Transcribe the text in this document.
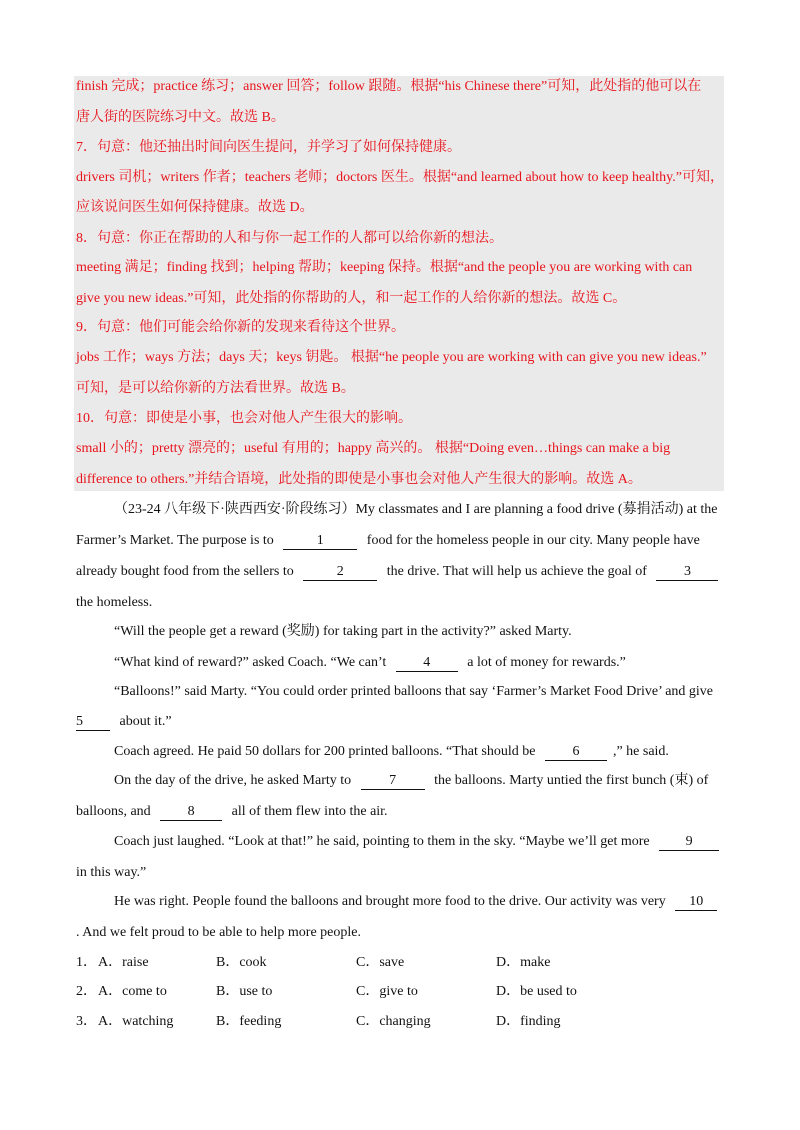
finish 完成；practice 练习；answer 回答；follow 跟随。根据“his Chinese there”可知，此处指的他可以在
唐人街的医院练习中文。故选 B。
7．句意：他还抽出时间向医生提问，并学习了如何保持健康。
drivers 司机；writers 作者；teachers 老师；doctors 医生。根据“and learned about how to keep healthy.”可知，
应该说问医生如何保持健康。故选 D。
8．句意：你正在帮助的人和与你一起工作的人都可以给你新的想法。
meeting 满足；finding 找到；helping 帮助；keeping 保持。根据“and the people you are working with can
give you new ideas.”可知，此处指的你帮助的人，和一起工作的人给你新的想法。故选 C。
9．句意：他们可能会给你新的发现来看待这个世界。
jobs 工作；ways 方法；days 天；keys 钥匙。 根据“he people you are working with can give you new ideas.”
可知，是可以给你新的方法看世界。故选 B。
10．句意：即使是小事，也会对他人产生很大的影响。
small 小的；pretty 漂亮的；useful 有用的；happy 高兴的。 根据“Doing even…things can make a big
difference to others.”并结合语境，此处指的即使是小事也会对他人产生很大的影响。故选 A。
（23-24 八年级下·陕西西安·阶段练习）My classmates and I are planning a food drive (募捐活动) at the
Farmer’s Market. The purpose is to	1	food for the homeless people in our city. Many people have
already bought food from the sellers to	2	the drive. That will help us achieve the goal of	3
the homeless.
“Will the people get a reward (奖励) for taking part in the activity?” asked Marty.
“What kind of reward?” asked Coach. “We can’t	4	a lot of money for rewards.”
“Balloons!” said Marty. “You could order printed balloons that say ‘Farmer’s Market Food Drive’ and give
5	about it.”
Coach agreed. He paid 50 dollars for 200 printed balloons. “That should be	6 ,” he said.
On the day of the drive, he asked Marty to	7	the balloons. Marty untied the first bunch (束) of
balloons, and	8	all of them flew into the air.
Coach just laughed. “Look at that!” he said, pointing to them in the sky. “Maybe we’ll get more	9
in this way.”
He was right. People found the balloons and brought more food to the drive. Our activity was very 10
. And we felt proud to be able to help more people.
1． A．raise	B．cook	C．save	D．make
2． A．come to	B．use to	C．give to	D．be used to
3． A．watching	B．feeding	C．changing	D．finding
